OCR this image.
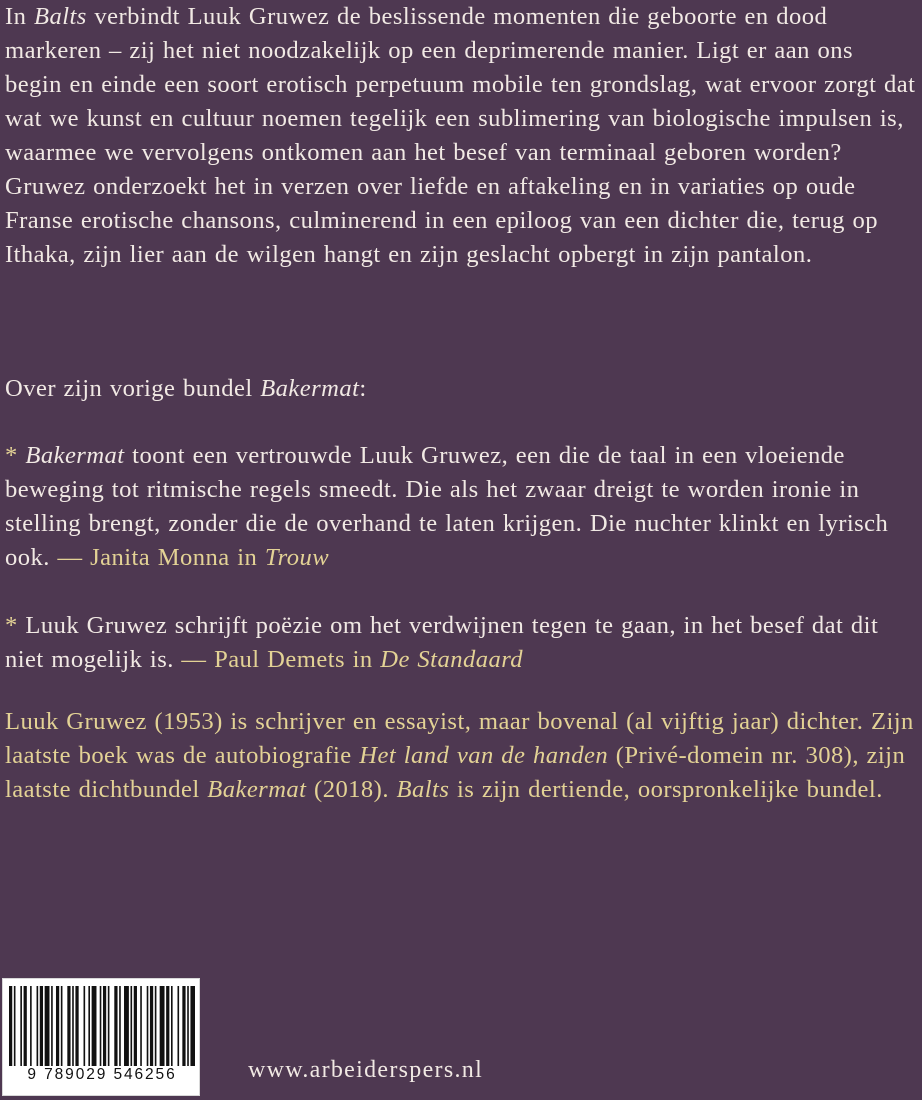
In Balts verbindt Luuk Gruwez de beslissende momenten die geboorte en dood markeren – zij het niet noodzakelijk op een deprimerende manier. Ligt er aan ons begin en einde een soort erotisch perpetuum mobile ten grondslag, wat ervoor zorgt dat wat we kunst en cultuur noemen tegelijk een sublimering van biologische impulsen is, waarmee we vervolgens ontkomen aan het besef van terminaal geboren worden? Gruwez onderzoekt het in verzen over liefde en aftakeling en in variaties op oude Franse erotische chansons, culminerend in een epiloog van een dichter die, terug op Ithaka, zijn lier aan de wilgen hangt en zijn geslacht opbergt in zijn pantalon.

Over zijn vorige bundel Bakermat:

* Bakermat toont een vertrouwde Luuk Gruwez, een die de taal in een vloeiende beweging tot ritmische regels smeedt. Die als het zwaar dreigt te worden ironie in stelling brengt, zonder die de overhand te laten krijgen. Die nuchter klinkt en lyrisch ook. — Janita Monna in Trouw

* Luuk Gruwez schrijft poëzie om het verdwijnen tegen te gaan, in het besef dat dit niet mogelijk is. — Paul Demets in De Standaard

Luuk Gruwez (1953) is schrijver en essayist, maar bovenal (al vijftig jaar) dichter. Zijn laatste boek was de autobiografie Het land van de handen (Privé-domein nr. 308), zijn laatste dichtbundel Bakermat (2018). Balts is zijn dertiende, oorspronkelijke bundel.

9 789029 546256	www.arbeiderspers.nl
